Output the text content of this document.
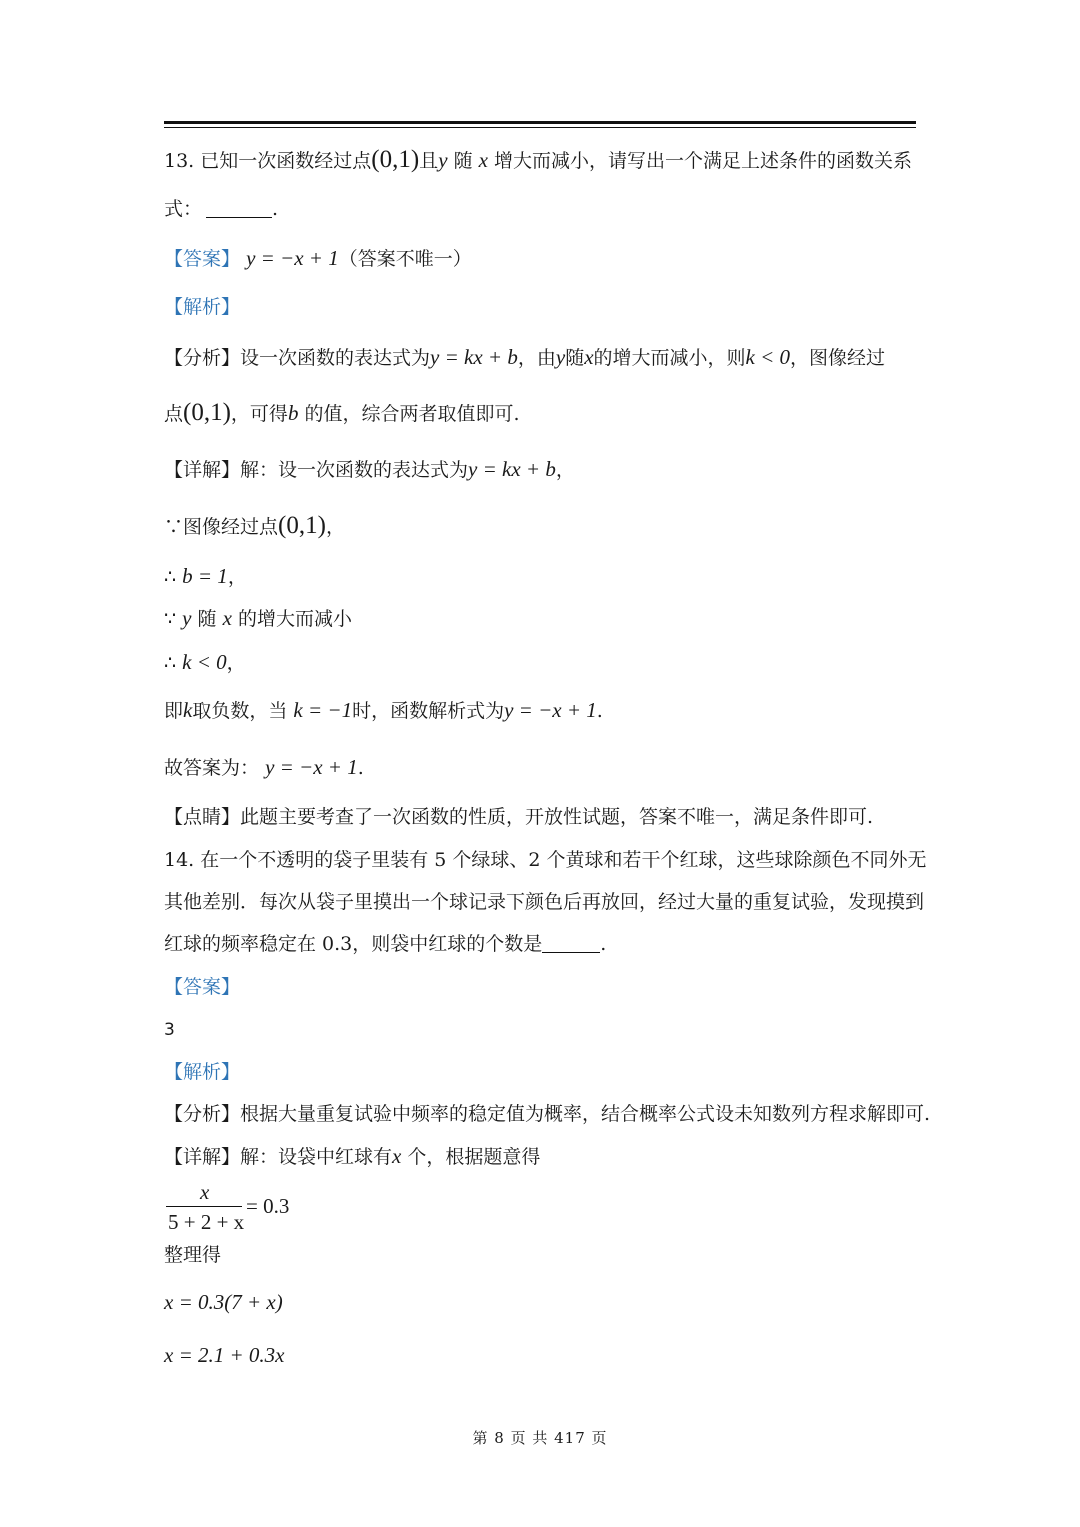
13. 已知一次函数经过点(0,1)且y 随 x 增大而减小，请写出一个满足上述条件的函数关系
式：	.
【答案】 y = −x + 1（答案不唯一）
【解析】
【分析】设一次函数的表达式为y = kx + b，由y随x的增大而减小，则k < 0，图像经过
点(0,1)，可得b 的值，综合两者取值即可.
【详解】解：设一次函数的表达式为y = kx + b，
∵图像经过点(0,1)，
∴ b = 1，
∵ y 随 x 的增大而减小
∴ k < 0，
即k取负数，当 k = −1时，函数解析式为y = −x + 1.
故答案为： y = −x + 1.
【点睛】此题主要考查了一次函数的性质，开放性试题，答案不唯一，满足条件即可.
14. 在一个不透明的袋子里装有 5 个绿球、2 个黄球和若干个红球，这些球除颜色不同外无
其他差别．每次从袋子里摸出一个球记录下颜色后再放回，经过大量的重复试验，发现摸到
红球的频率稳定在 0.3，则袋中红球的个数是	.
【答案】
3
【解析】
【分析】根据大量重复试验中频率的稳定值为概率，结合概率公式设未知数列方程求解即可.
【详解】解：设袋中红球有x 个，根据题意得
x
5 + 2 + x
= 0.3
整理得
x = 0.3(7 + x)
x = 2.1 + 0.3x
第 8 页 共 417 页
